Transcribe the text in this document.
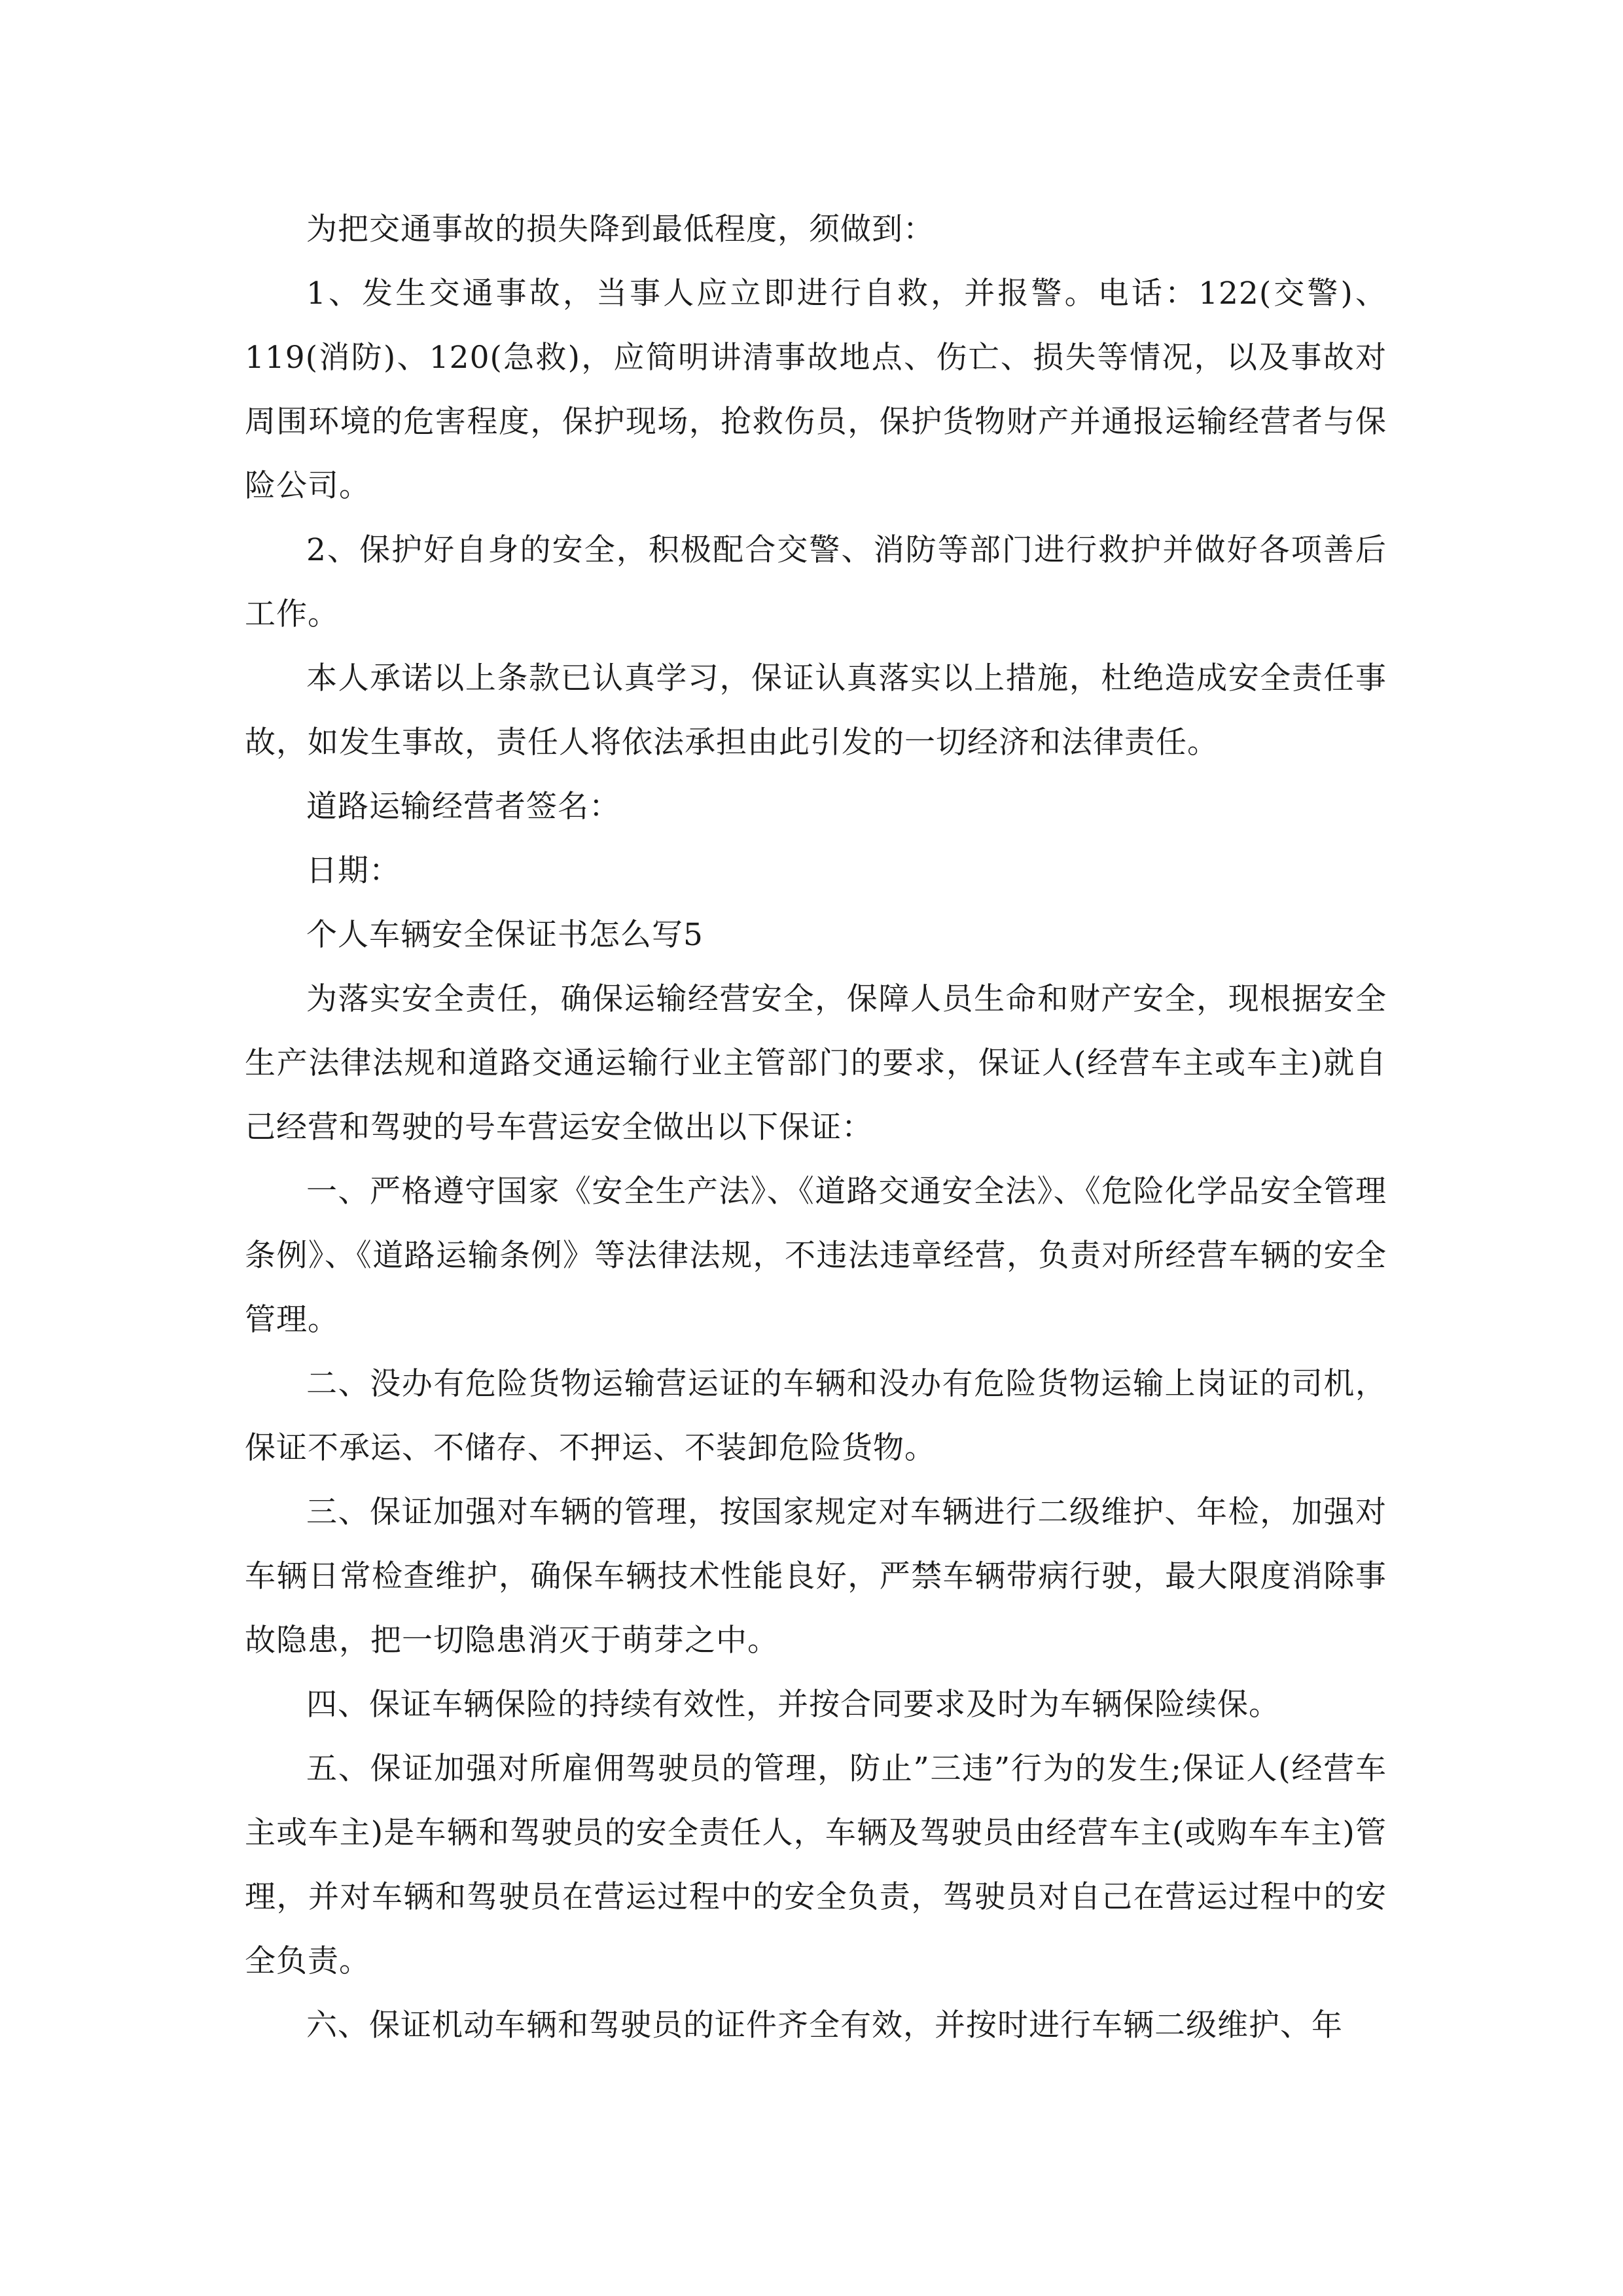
为把交通事故的损失降到最低程度，须做到：

1、发生交通事故，当事人应立即进行自救，并报警。电话：122(交警)、119(消防)、120(急救)，应简明讲清事故地点、伤亡、损失等情况，以及事故对周围环境的危害程度，保护现场，抢救伤员，保护货物财产并通报运输经营者与保险公司。

2、保护好自身的安全，积极配合交警、消防等部门进行救护并做好各项善后工作。

本人承诺以上条款已认真学习，保证认真落实以上措施，杜绝造成安全责任事故，如发生事故，责任人将依法承担由此引发的一切经济和法律责任。

道路运输经营者签名：

日期：

个人车辆安全保证书怎么写5

为落实安全责任，确保运输经营安全，保障人员生命和财产安全，现根据安全生产法律法规和道路交通运输行业主管部门的要求，保证人(经营车主或车主)就自己经营和驾驶的号车营运安全做出以下保证：

一、严格遵守国家《安全生产法》、《道路交通安全法》、《危险化学品安全管理条例》、《道路运输条例》等法律法规，不违法违章经营，负责对所经营车辆的安全管理。

二、没办有危险货物运输营运证的车辆和没办有危险货物运输上岗证的司机，保证不承运、不储存、不押运、不装卸危险货物。

三、保证加强对车辆的管理，按国家规定对车辆进行二级维护、年检，加强对车辆日常检查维护，确保车辆技术性能良好，严禁车辆带病行驶，最大限度消除事故隐患，把一切隐患消灭于萌芽之中。

四、保证车辆保险的持续有效性，并按合同要求及时为车辆保险续保。

五、保证加强对所雇佣驾驶员的管理，防止”三违”行为的发生;保证人(经营车主或车主)是车辆和驾驶员的安全责任人，车辆及驾驶员由经营车主(或购车车主)管理，并对车辆和驾驶员在营运过程中的安全负责，驾驶员对自己在营运过程中的安全负责。

六、保证机动车辆和驾驶员的证件齐全有效，并按时进行车辆二级维护、年
